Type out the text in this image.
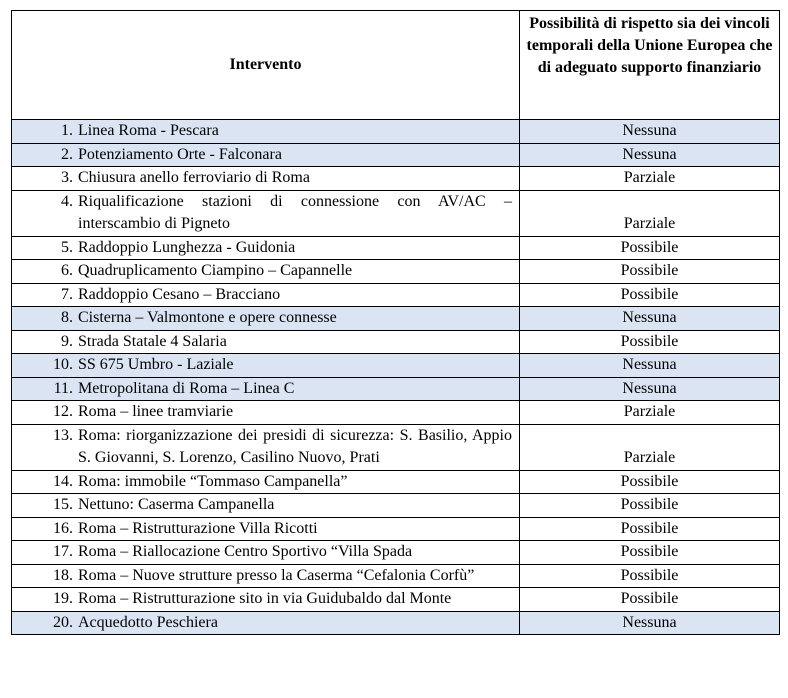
Intervento	Possibilità di rispetto sia dei vincoli temporali della Unione Europea che di adeguato supporto finanziario

1. Linea Roma - Pescara	Nessuna

2. Potenziamento Orte - Falconara	Nessuna

3. Chiusura anello ferroviario di Roma	Parziale

4. Riqualificazione stazioni di connessione con AV/AC – interscambio di Pigneto	Parziale

5. Raddoppio Lunghezza - Guidonia	Possibile

6. Quadruplicamento Ciampino – Capannelle	Possibile

7. Raddoppio Cesano – Bracciano	Possibile

8. Cisterna – Valmontone e opere connesse	Nessuna

9. Strada Statale 4 Salaria	Possibile

10. SS 675 Umbro - Laziale	Nessuna

11. Metropolitana di Roma – Linea C	Nessuna

12. Roma – linee tramviarie	Parziale

13. Roma: riorganizzazione dei presidi di sicurezza: S. Basilio, Appio S. Giovanni, S. Lorenzo, Casilino Nuovo, Prati	Parziale

14. Roma: immobile “Tommaso Campanella”	Possibile

15. Nettuno: Caserma Campanella	Possibile

16. Roma – Ristrutturazione Villa Ricotti	Possibile

17. Roma – Riallocazione Centro Sportivo “Villa Spada	Possibile

18. Roma – Nuove strutture presso la Caserma “Cefalonia Corfù”	Possibile

19. Roma – Ristrutturazione sito in via Guidubaldo dal Monte	Possibile

20. Acquedotto Peschiera	Nessuna
